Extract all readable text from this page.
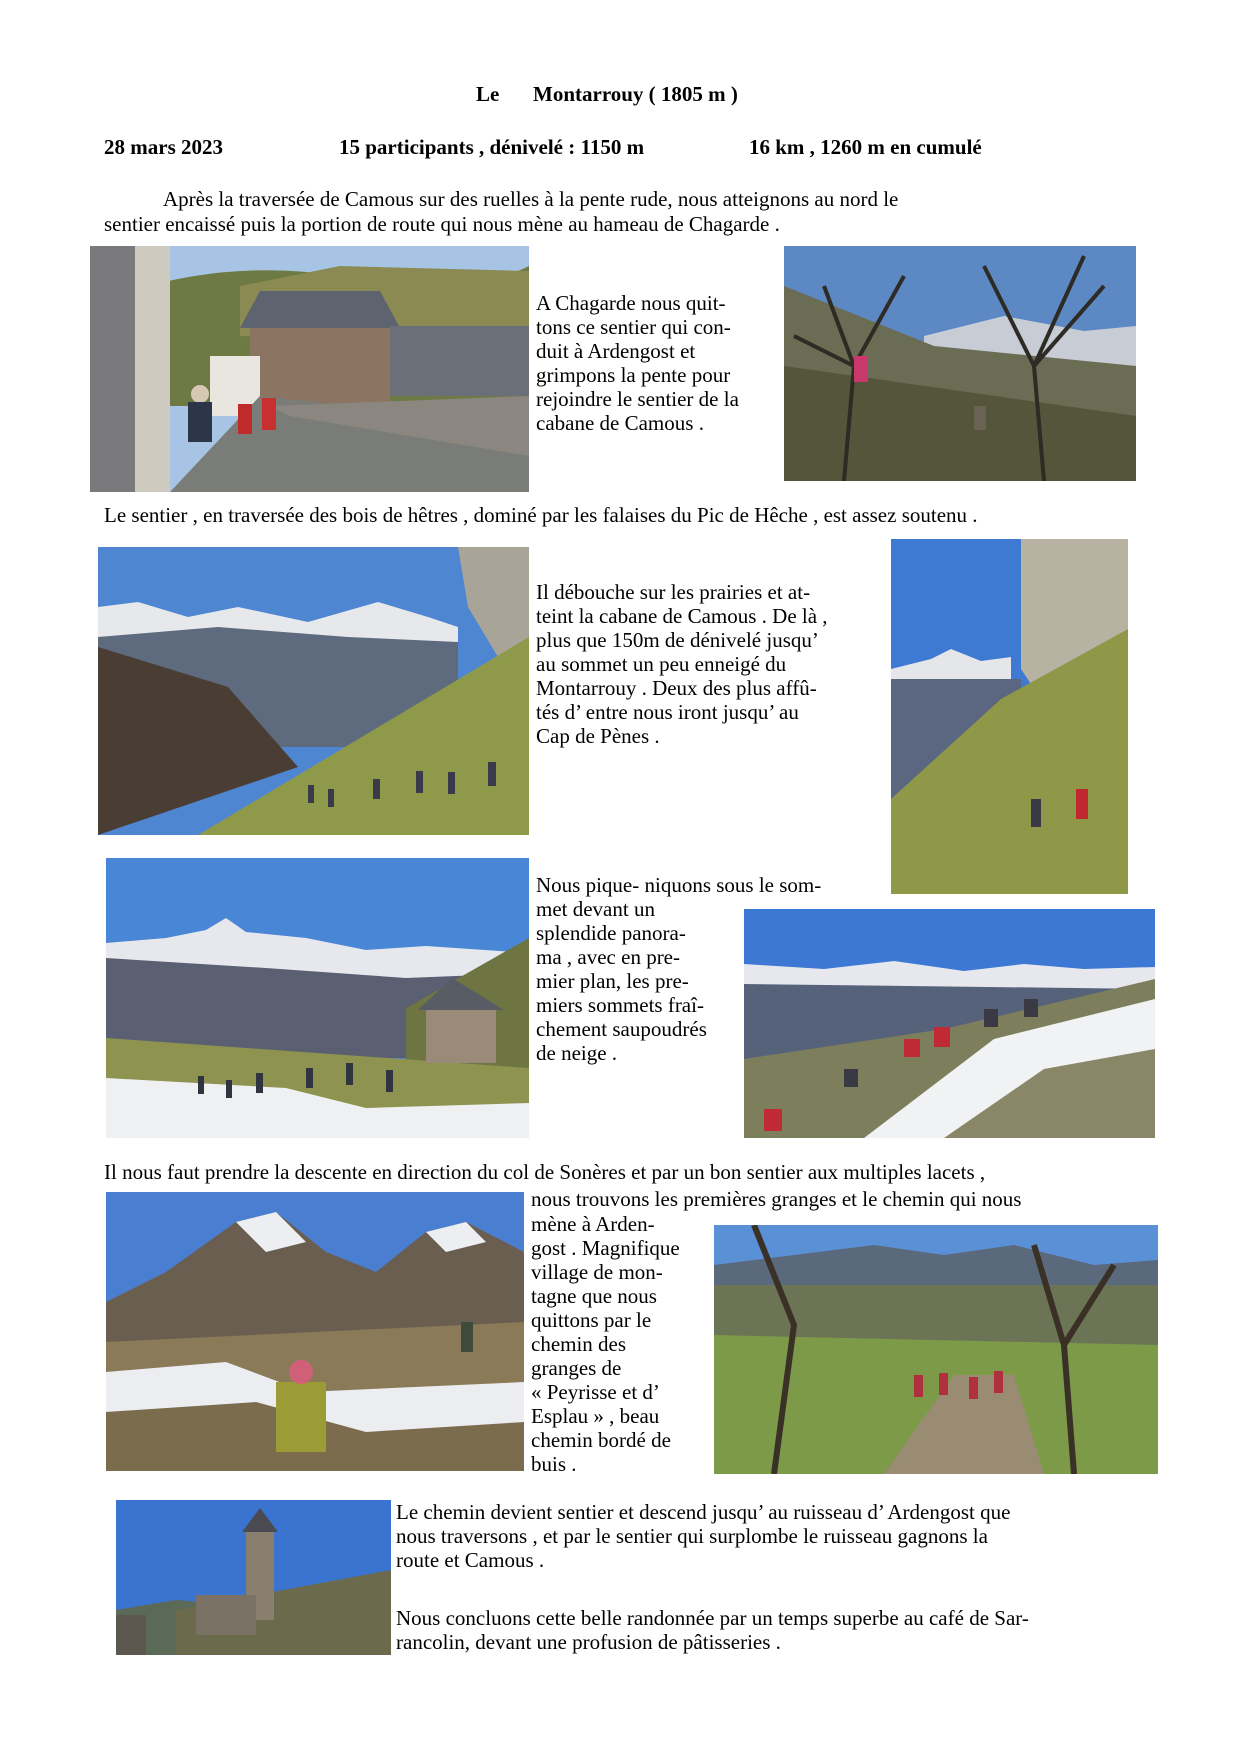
Le Montarrouy ( 1805 m )
28 mars 2023	15 participants , dénivelé : 1150 m	16 km , 1260 m en cumulé
Après la traversée de Camous sur des ruelles à la pente rude, nous atteignons au nord le
sentier encaissé puis la portion de route qui nous mène au hameau de Chagarde .
A Chagarde nous quit-
tons ce sentier qui con-
duit à Ardengost et
grimpons la pente pour
rejoindre le sentier de la
cabane de Camous .
Le sentier , en traversée des bois de hêtres , dominé par les falaises du Pic de Hêche , est assez soutenu .
Il débouche sur les prairies et at-
teint la cabane de Camous . De là ,
plus que 150m de dénivelé jusqu’
au sommet un peu enneigé du
Montarrouy . Deux des plus affû-
tés d’ entre nous iront jusqu’ au
Cap de Pènes .
Nous pique- niquons sous le som-
met devant un
splendide panora-
ma , avec en pre-
mier plan, les pre-
miers sommets fraî-
chement saupoudrés
de neige .
Il nous faut prendre la descente en direction du col de Sonères et par un bon sentier aux multiples lacets ,
nous trouvons les premières granges et le chemin qui nous
mène à Arden-
gost . Magnifique
village de mon-
tagne que nous
quittons par le
chemin des
granges de
« Peyrisse et d’
Esplau » , beau
chemin bordé de
buis .
Le chemin devient sentier et descend jusqu’ au ruisseau d’ Ardengost que
nous traversons , et par le sentier qui surplombe le ruisseau gagnons la
route et Camous .
Nous concluons cette belle randonnée par un temps superbe au café de Sar-
rancolin, devant une profusion de pâtisseries .
